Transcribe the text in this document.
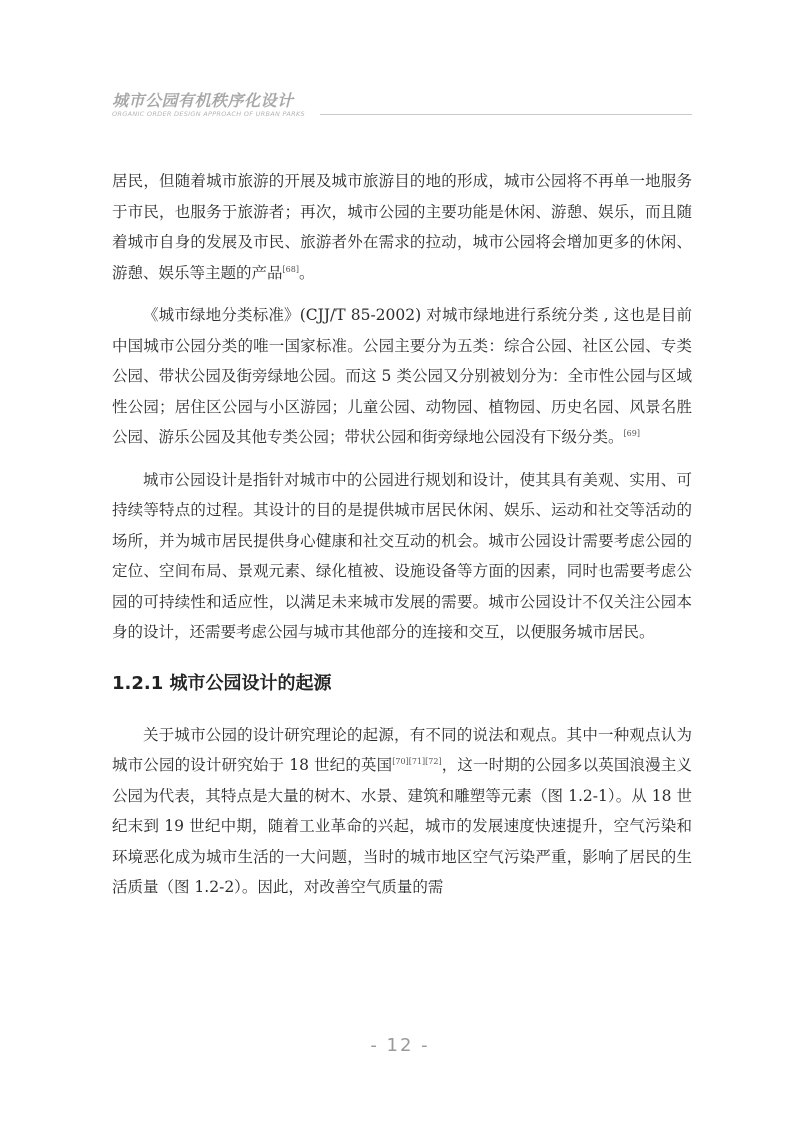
城市公园有机秩序化设计
ORGANIC ORDER DESIGN APPROACH OF URBAN PARKS

居民，但随着城市旅游的开展及城市旅游目的地的形成，城市公园将不再单一地服务于市民，也服务于旅游者；再次，城市公园的主要功能是休闲、游憩、娱乐，而且随着城市自身的发展及市民、旅游者外在需求的拉动，城市公园将会增加更多的休闲、游憩、娱乐等主题的产品[68]。

《城市绿地分类标准》(CJJ/T 85-2002) 对城市绿地进行系统分类 , 这也是目前中国城市公园分类的唯一国家标准。公园主要分为五类：综合公园、社区公园、专类公园、带状公园及街旁绿地公园。而这 5 类公园又分别被划分为：全市性公园与区域性公园；居住区公园与小区游园；儿童公园、动物园、植物园、历史名园、风景名胜公园、游乐公园及其他专类公园；带状公园和街旁绿地公园没有下级分类。[69]

城市公园设计是指针对城市中的公园进行规划和设计，使其具有美观、实用、可持续等特点的过程。其设计的目的是提供城市居民休闲、娱乐、运动和社交等活动的场所，并为城市居民提供身心健康和社交互动的机会。城市公园设计需要考虑公园的定位、空间布局、景观元素、绿化植被、设施设备等方面的因素，同时也需要考虑公园的可持续性和适应性，以满足未来城市发展的需要。城市公园设计不仅关注公园本身的设计，还需要考虑公园与城市其他部分的连接和交互，以便服务城市居民。

1.2.1 城市公园设计的起源

关于城市公园的设计研究理论的起源，有不同的说法和观点。其中一种观点认为城市公园的设计研究始于 18 世纪的英国[70][71][72]，这一时期的公园多以英国浪漫主义公园为代表，其特点是大量的树木、水景、建筑和雕塑等元素（图 1.2-1）。从 18 世纪末到 19 世纪中期，随着工业革命的兴起，城市的发展速度快速提升，空气污染和环境恶化成为城市生活的一大问题，当时的城市地区空气污染严重，影响了居民的生活质量（图 1.2-2）。因此，对改善空气质量的需

- 12 -
